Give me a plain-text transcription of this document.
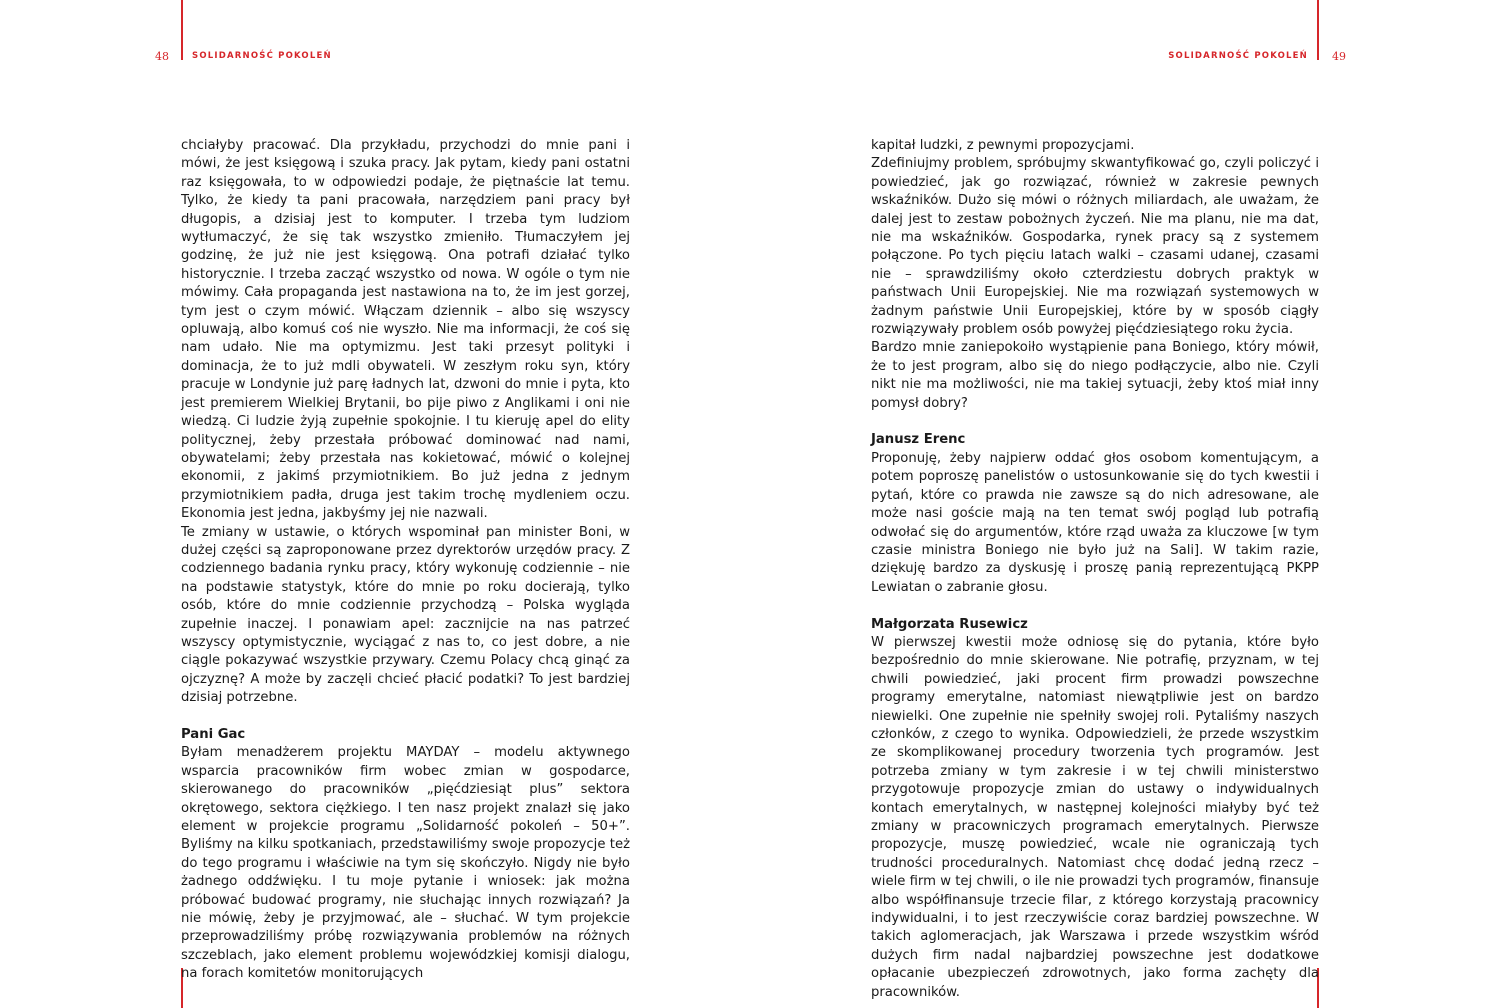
48	SOLIDARNOŚĆ POKOLEŃ	SOLIDARNOŚĆ POKOLEŃ 49

chciałyby pracować. Dla przykładu, przychodzi do mnie pani i mówi, że jest księgową i szuka pracy. Jak pytam, kiedy pani ostatni raz księgowała, to w odpowiedzi podaje, że piętnaście lat temu. Tylko, że kiedy ta pani pracowała, narzędziem pani pracy był długopis, a dzisiaj jest to komputer. I trzeba tym ludziom wytłumaczyć, że się tak wszystko zmieniło. Tłumaczyłem jej godzinę, że już nie jest księgową. Ona potrafi działać tylko historycznie. I trzeba zacząć wszystko od nowa. W ogóle o tym nie mówimy. Cała propaganda jest nastawiona na to, że im jest gorzej, tym jest o czym mówić. Włączam dziennik – albo się wszyscy opluwają, albo komuś coś nie wyszło. Nie ma informacji, że coś się nam udało. Nie ma optymizmu. Jest taki przesyt polityki i dominacja, że to już mdli obywateli. W zeszłym roku syn, który pracuje w Londynie już parę ładnych lat, dzwoni do mnie i pyta, kto jest premierem Wielkiej Brytanii, bo pije piwo z Anglikami i oni nie wiedzą. Ci ludzie żyją zupełnie spokojnie. I tu kieruję apel do elity politycznej, żeby przestała próbować dominować nad nami, obywatelami; żeby przestała nas kokietować, mówić o kolejnej ekonomii, z jakimś przymiotnikiem. Bo już jedna z jednym przymiotnikiem padła, druga jest takim trochę mydleniem oczu. Ekonomia jest jedna, jakbyśmy jej nie nazwali.

Te zmiany w ustawie, o których wspominał pan minister Boni, w dużej części są zaproponowane przez dyrektorów urzędów pracy. Z codziennego badania rynku pracy, który wykonuję codziennie – nie na podstawie statystyk, które do mnie po roku docierają, tylko osób, które do mnie codziennie przychodzą – Polska wygląda zupełnie inaczej. I ponawiam apel: zacznijcie na nas patrzeć wszyscy optymistycznie, wyciągać z nas to, co jest dobre, a nie ciągle pokazywać wszystkie przywary. Czemu Polacy chcą ginąć za ojczyznę? A może by zaczęli chcieć płacić podatki? To jest bardziej dzisiaj potrzebne.

Pani Gac

Byłam menadżerem projektu MAYDAY – modelu aktywnego wsparcia pracowników firm wobec zmian w gospodarce, skierowanego do pracowników „pięćdziesiąt plus” sektora okrętowego, sektora ciężkiego. I ten nasz projekt znalazł się jako element w projekcie programu „Solidarność pokoleń – 50+”. Byliśmy na kilku spotkaniach, przedstawiliśmy swoje propozycje też do tego programu i właściwie na tym się skończyło. Nigdy nie było żadnego oddźwięku. I tu moje pytanie i wniosek: jak można próbować budować programy, nie słuchając innych rozwiązań? Ja nie mówię, żeby je przyjmować, ale – słuchać. W tym projekcie przeprowadziliśmy próbę rozwiązywania problemów na różnych szczeblach, jako element problemu wojewódzkiej komisji dialogu, na forach komitetów monitorujących

kapitał ludzki, z pewnymi propozycjami.

Zdefiniujmy problem, spróbujmy skwantyfikować go, czyli policzyć i powiedzieć, jak go rozwiązać, również w zakresie pewnych wskaźników. Dużo się mówi o różnych miliardach, ale uważam, że dalej jest to zestaw pobożnych życzeń. Nie ma planu, nie ma dat, nie ma wskaźników. Gospodarka, rynek pracy są z systemem połączone. Po tych pięciu latach walki – czasami udanej, czasami nie – sprawdziliśmy około czterdziestu dobrych praktyk w państwach Unii Europejskiej. Nie ma rozwiązań systemowych w żadnym państwie Unii Europejskiej, które by w sposób ciągły rozwiązywały problem osób powyżej pięćdziesiątego roku życia.

Bardzo mnie zaniepokoiło wystąpienie pana Boniego, który mówił, że to jest program, albo się do niego podłączycie, albo nie. Czyli nikt nie ma możliwości, nie ma takiej sytuacji, żeby ktoś miał inny pomysł dobry?

Janusz Erenc

Proponuję, żeby najpierw oddać głos osobom komentującym, a potem poproszę panelistów o ustosunkowanie się do tych kwestii i pytań, które co prawda nie zawsze są do nich adresowane, ale może nasi goście mają na ten temat swój pogląd lub potrafią odwołać się do argumentów, które rząd uważa za kluczowe [w tym czasie ministra Boniego nie było już na Sali]. W takim razie, dziękuję bardzo za dyskusję i proszę panią reprezentującą PKPP Lewiatan o zabranie głosu.

Małgorzata Rusewicz

W pierwszej kwestii może odniosę się do pytania, które było bezpośrednio do mnie skierowane. Nie potrafię, przyznam, w tej chwili powiedzieć, jaki procent firm prowadzi powszechne programy emerytalne, natomiast niewątpliwie jest on bardzo niewielki. One zupełnie nie spełniły swojej roli. Pytaliśmy naszych członków, z czego to wynika. Odpowiedzieli, że przede wszystkim ze skomplikowanej procedury tworzenia tych programów. Jest potrzeba zmiany w tym zakresie i w tej chwili ministerstwo przygotowuje propozycje zmian do ustawy o indywidualnych kontach emerytalnych, w następnej kolejności miałyby być też zmiany w pracowniczych programach emerytalnych. Pierwsze propozycje, muszę powiedzieć, wcale nie ograniczają tych trudności proceduralnych. Natomiast chcę dodać jedną rzecz – wiele firm w tej chwili, o ile nie prowadzi tych programów, finansuje albo współfinansuje trzecie filar, z którego korzystają pracownicy indywidualni, i to jest rzeczywiście coraz bardziej powszechne. W takich aglomeracjach, jak Warszawa i przede wszystkim wśród dużych firm nadal najbardziej powszechne jest dodatkowe opłacanie ubezpieczeń zdrowotnych, jako forma zachęty dla pracowników.
